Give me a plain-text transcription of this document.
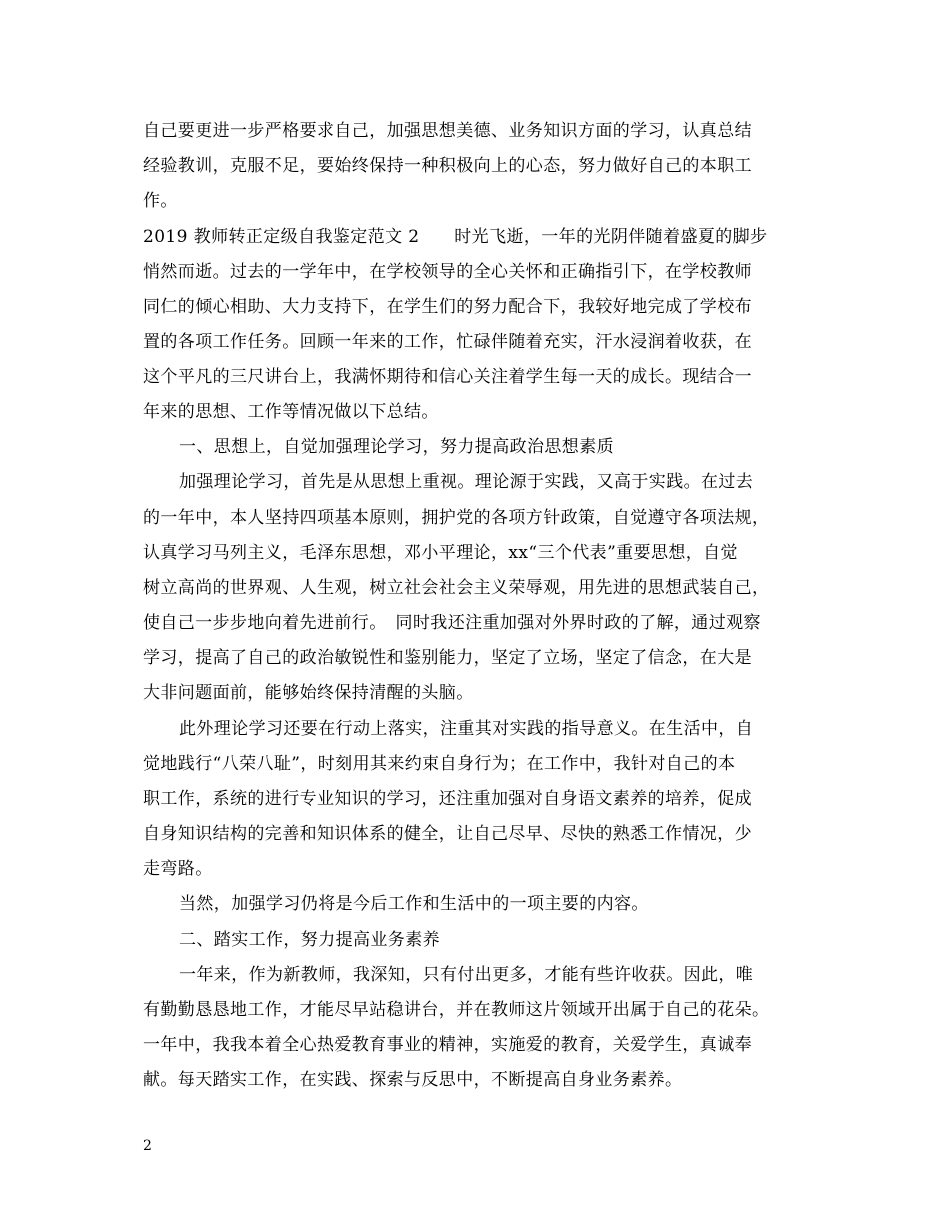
自己要更进一步严格要求自己，加强思想美德、业务知识方面的学习，认真总结
经验教训，克服不足，要始终保持一种积极向上的心态，努力做好自己的本职工
作。
2019 教师转正定级自我鉴定范文 2　　时光飞逝，一年的光阴伴随着盛夏的脚步
悄然而逝。过去的一学年中，在学校领导的全心关怀和正确指引下，在学校教师
同仁的倾心相助、大力支持下，在学生们的努力配合下，我较好地完成了学校布
置的各项工作任务。回顾一年来的工作，忙碌伴随着充实，汗水浸润着收获，在
这个平凡的三尺讲台上，我满怀期待和信心关注着学生每一天的成长。现结合一
年来的思想、工作等情况做以下总结。
一、思想上，自觉加强理论学习，努力提高政治思想素质
加强理论学习，首先是从思想上重视。理论源于实践，又高于实践。在过去
的一年中，本人坚持四项基本原则，拥护党的各项方针政策，自觉遵守各项法规，
认真学习马列主义，毛泽东思想，邓小平理论，xx“三个代表”重要思想，自觉
树立高尚的世界观、人生观，树立社会社会主义荣辱观，用先进的思想武装自己，
使自己一步步地向着先进前行。　同时我还注重加强对外界时政的了解，通过观察
学习，提高了自己的政治敏锐性和鉴别能力，坚定了立场，坚定了信念，在大是
大非问题面前，能够始终保持清醒的头脑。
此外理论学习还要在行动上落实，注重其对实践的指导意义。在生活中，自
觉地践行“八荣八耻”，时刻用其来约束自身行为；在工作中，我针对自己的本
职工作，系统的进行专业知识的学习，还注重加强对自身语文素养的培养，促成
自身知识结构的完善和知识体系的健全，让自己尽早、尽快的熟悉工作情况，少
走弯路。
当然，加强学习仍将是今后工作和生活中的一项主要的内容。
二、踏实工作，努力提高业务素养
一年来，作为新教师，我深知，只有付出更多，才能有些许收获。因此，唯
有勤勤恳恳地工作，才能尽早站稳讲台，并在教师这片领域开出属于自己的花朵。
一年中，我我本着全心热爱教育事业的精神，实施爱的教育，关爱学生，真诚奉
献。每天踏实工作，在实践、探索与反思中，不断提高自身业务素养。
2
